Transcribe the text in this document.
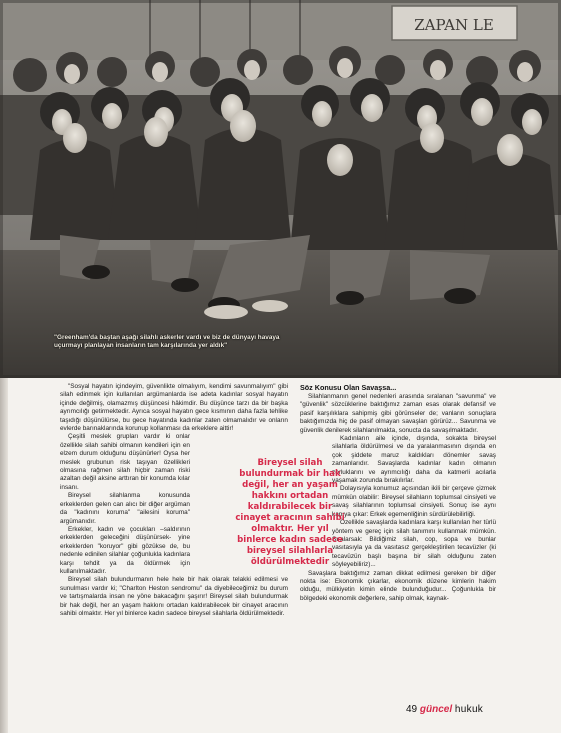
ZAPAN LE
"Greenham'da baştan aşağı silahlı askerler vardı ve biz de dünyayı havaya uçurmayı planlayan insanların tam karşılarında yer aldık"

"Sosyal hayatın içindeyim, güvenlikte olmalıyım, kendimi savunmalıyım" gibi silah edinmek için kullanılan argümanlarda ise adeta kadınlar sosyal hayatın içinde değilmiş, olamazmış düşüncesi hâkimdir. Bu düşünce tarzı da bir başka ayrımcılığı getirmektedir. Ayrıca sosyal hayatın gece kısmının daha fazla tehlike taşıdığı düşünülürse, bu gece hayatında kadınlar zaten olmamalıdır ve onların evlerde barınaklarında korunup kollanması da erkeklere aittir!

Çeşitli meslek grupları vardır ki onlar özellikle silah sahibi olmanın kendileri için en elzem durum olduğunu düşünürler! Oysa her meslek grubunun risk taşıyan özellikleri olmasına rağmen silah hiçbir zaman riski azaltan değil aksine arttıran bir konumda kılar insanı.

Bireysel silahlanma konusunda erkeklerden gelen can alıcı bir diğer argüman da "kadınını koruma" "ailesini koruma" argümanıdır.

Erkekler, kadın ve çocukları –saldırının erkeklerden geleceğini düşünürsek- yine erkeklerden "koruyor" gibi gözükse de, bu nedenle edinilen silahlar çoğunlukla kadınlara karşı tehdit ya da öldürmek için kullanılmaktadır.

Bireysel silah bulundurmanın hele hele bir hak olarak telakki edilmesi ve sunulması vardır ki; "Charlton Heston sendromu" da diyebileceğimiz bu durum ve tartışmalarda insan ne yöne bakacağını şaşırır! Bireysel silah bulundurmak bir hak değil, her an yaşam hakkını ortadan kaldırabilecek bir cinayet aracının sahibi olmaktır. Her yıl binlerce kadın sadece bireysel silahlarla öldürülmektedir.

Söz Konusu Olan Savaşsa...

Silahlanmanın genel nedenleri arasında sıralanan "savunma" ve "güvenlik" sözcüklerine baktığımız zaman esas olarak defansif ve pasif karşılıklara sahipmiş gibi görünseler de; vanların sonuçlara baktığımızda hiç de pasif olmayan savaşları görürüz... Savunma ve güvenlik denilerek silahlanılmakta, sonucta da savaşılmaktadır.

Kadınların aile içinde, dışında, sokakta bireysel silahlarla öldürülmesi ve da yaralanmasının dışında en çok şiddete maruz kaldıkları dönemler savaş zamanlarıdır. Savaşlarda kadınlar kadın olmanın zorluklarını ve ayrımcılığı daha da katmerli acılarla yaşamak zorunda bırakılırlar.

Dolayısıyla konumuz açısından ikili bir çerçeve çizmek mümkün olabilir: Bireysel silahların toplumsal cinsiyeti ve savaş silahlarının toplumsal cinsiyeti. Sonuç ise aynı kapıya çıkar: Erkek egemenliğinin sürdürülebilirliği.

Özellikle savaşlarda kadınlara karşı kullanılan her türlü yöntem ve gereç için silah tanımını kullanmak mümkün. Sıralarsak: Bildiğimiz silah, cop, sopa ve bunlar vasıtasıyla ya da vasıtasız gerçekleştirilen tecavüzler (ki tecavüzün başlı başına bir silah olduğunu zaten söyleyebiliriz)...

Savaşlara baktığımız zaman dikkat edilmesi gereken bir diğer nokta ise: Ekonomik çıkarlar, ekonomik düzene kimlerin hakim olduğu, mülkiyetin kimin elinde bulunduğudur... Çoğunlukla bir bölgedeki ekonomik değerlere, sahip olmak, kaynak-

Bireysel silah
bulundurmak bir hak
değil, her an yaşam
hakkını ortadan
kaldırabilecek bir
cinayet aracının sahibi
olmaktır. Her yıl
binlerce kadın sadece
bireysel silahlarla
öldürülmektedir
49 güncel hukuk
